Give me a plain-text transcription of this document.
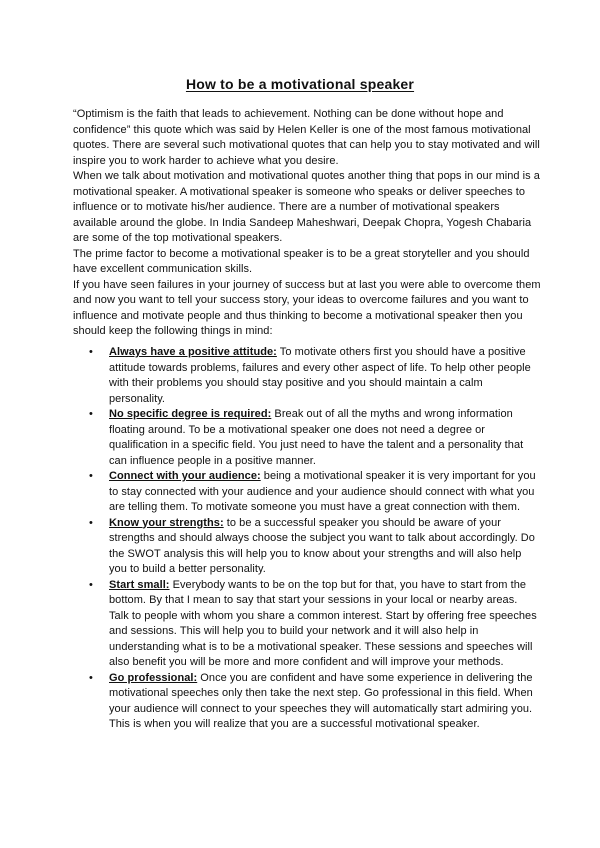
How to be a motivational speaker

“Optimism is the faith that leads to achievement. Nothing can be done without hope and confidence” this quote which was said by Helen Keller is one of the most famous motivational quotes. There are several such motivational quotes that can help you to stay motivated and will inspire you to work harder to achieve what you desire.

When we talk about motivation and motivational quotes another thing that pops in our mind is a motivational speaker. A motivational speaker is someone who speaks or deliver speeches to influence or to motivate his/her audience. There are a number of motivational speakers available around the globe. In India Sandeep Maheshwari, Deepak Chopra, Yogesh Chabaria are some of the top motivational speakers.

The prime factor to become a motivational speaker is to be a great storyteller and you should have excellent communication skills.

If you have seen failures in your journey of success but at last you were able to overcome them and now you want to tell your success story, your ideas to overcome failures and you want to influence and motivate people and thus thinking to become a motivational speaker then you should keep the following things in mind:

•	Always have a positive attitude: To motivate others first you should have a positive attitude towards problems, failures and every other aspect of life. To help other people with their problems you should stay positive and you should maintain a calm personality.
•	No specific degree is required: Break out of all the myths and wrong information floating around. To be a motivational speaker one does not need a degree or qualification in a specific field. You just need to have the talent and a personality that can influence people in a positive manner.
•	Connect with your audience: being a motivational speaker it is very important for you to stay connected with your audience and your audience should connect with what you are telling them. To motivate someone you must have a great connection with them.
•	Know your strengths: to be a successful speaker you should be aware of your strengths and should always choose the subject you want to talk about accordingly. Do the SWOT analysis this will help you to know about your strengths and will also help you to build a better personality.
•	Start small: Everybody wants to be on the top but for that, you have to start from the bottom. By that I mean to say that start your sessions in your local or nearby areas. Talk to people with whom you share a common interest. Start by offering free speeches and sessions. This will help you to build your network and it will also help in understanding what is to be a motivational speaker. These sessions and speeches will also benefit you will be more and more confident and will improve your methods.
•	Go professional: Once you are confident and have some experience in delivering the motivational speeches only then take the next step. Go professional in this field. When your audience will connect to your speeches they will automatically start admiring you. This is when you will realize that you are a successful motivational speaker.
